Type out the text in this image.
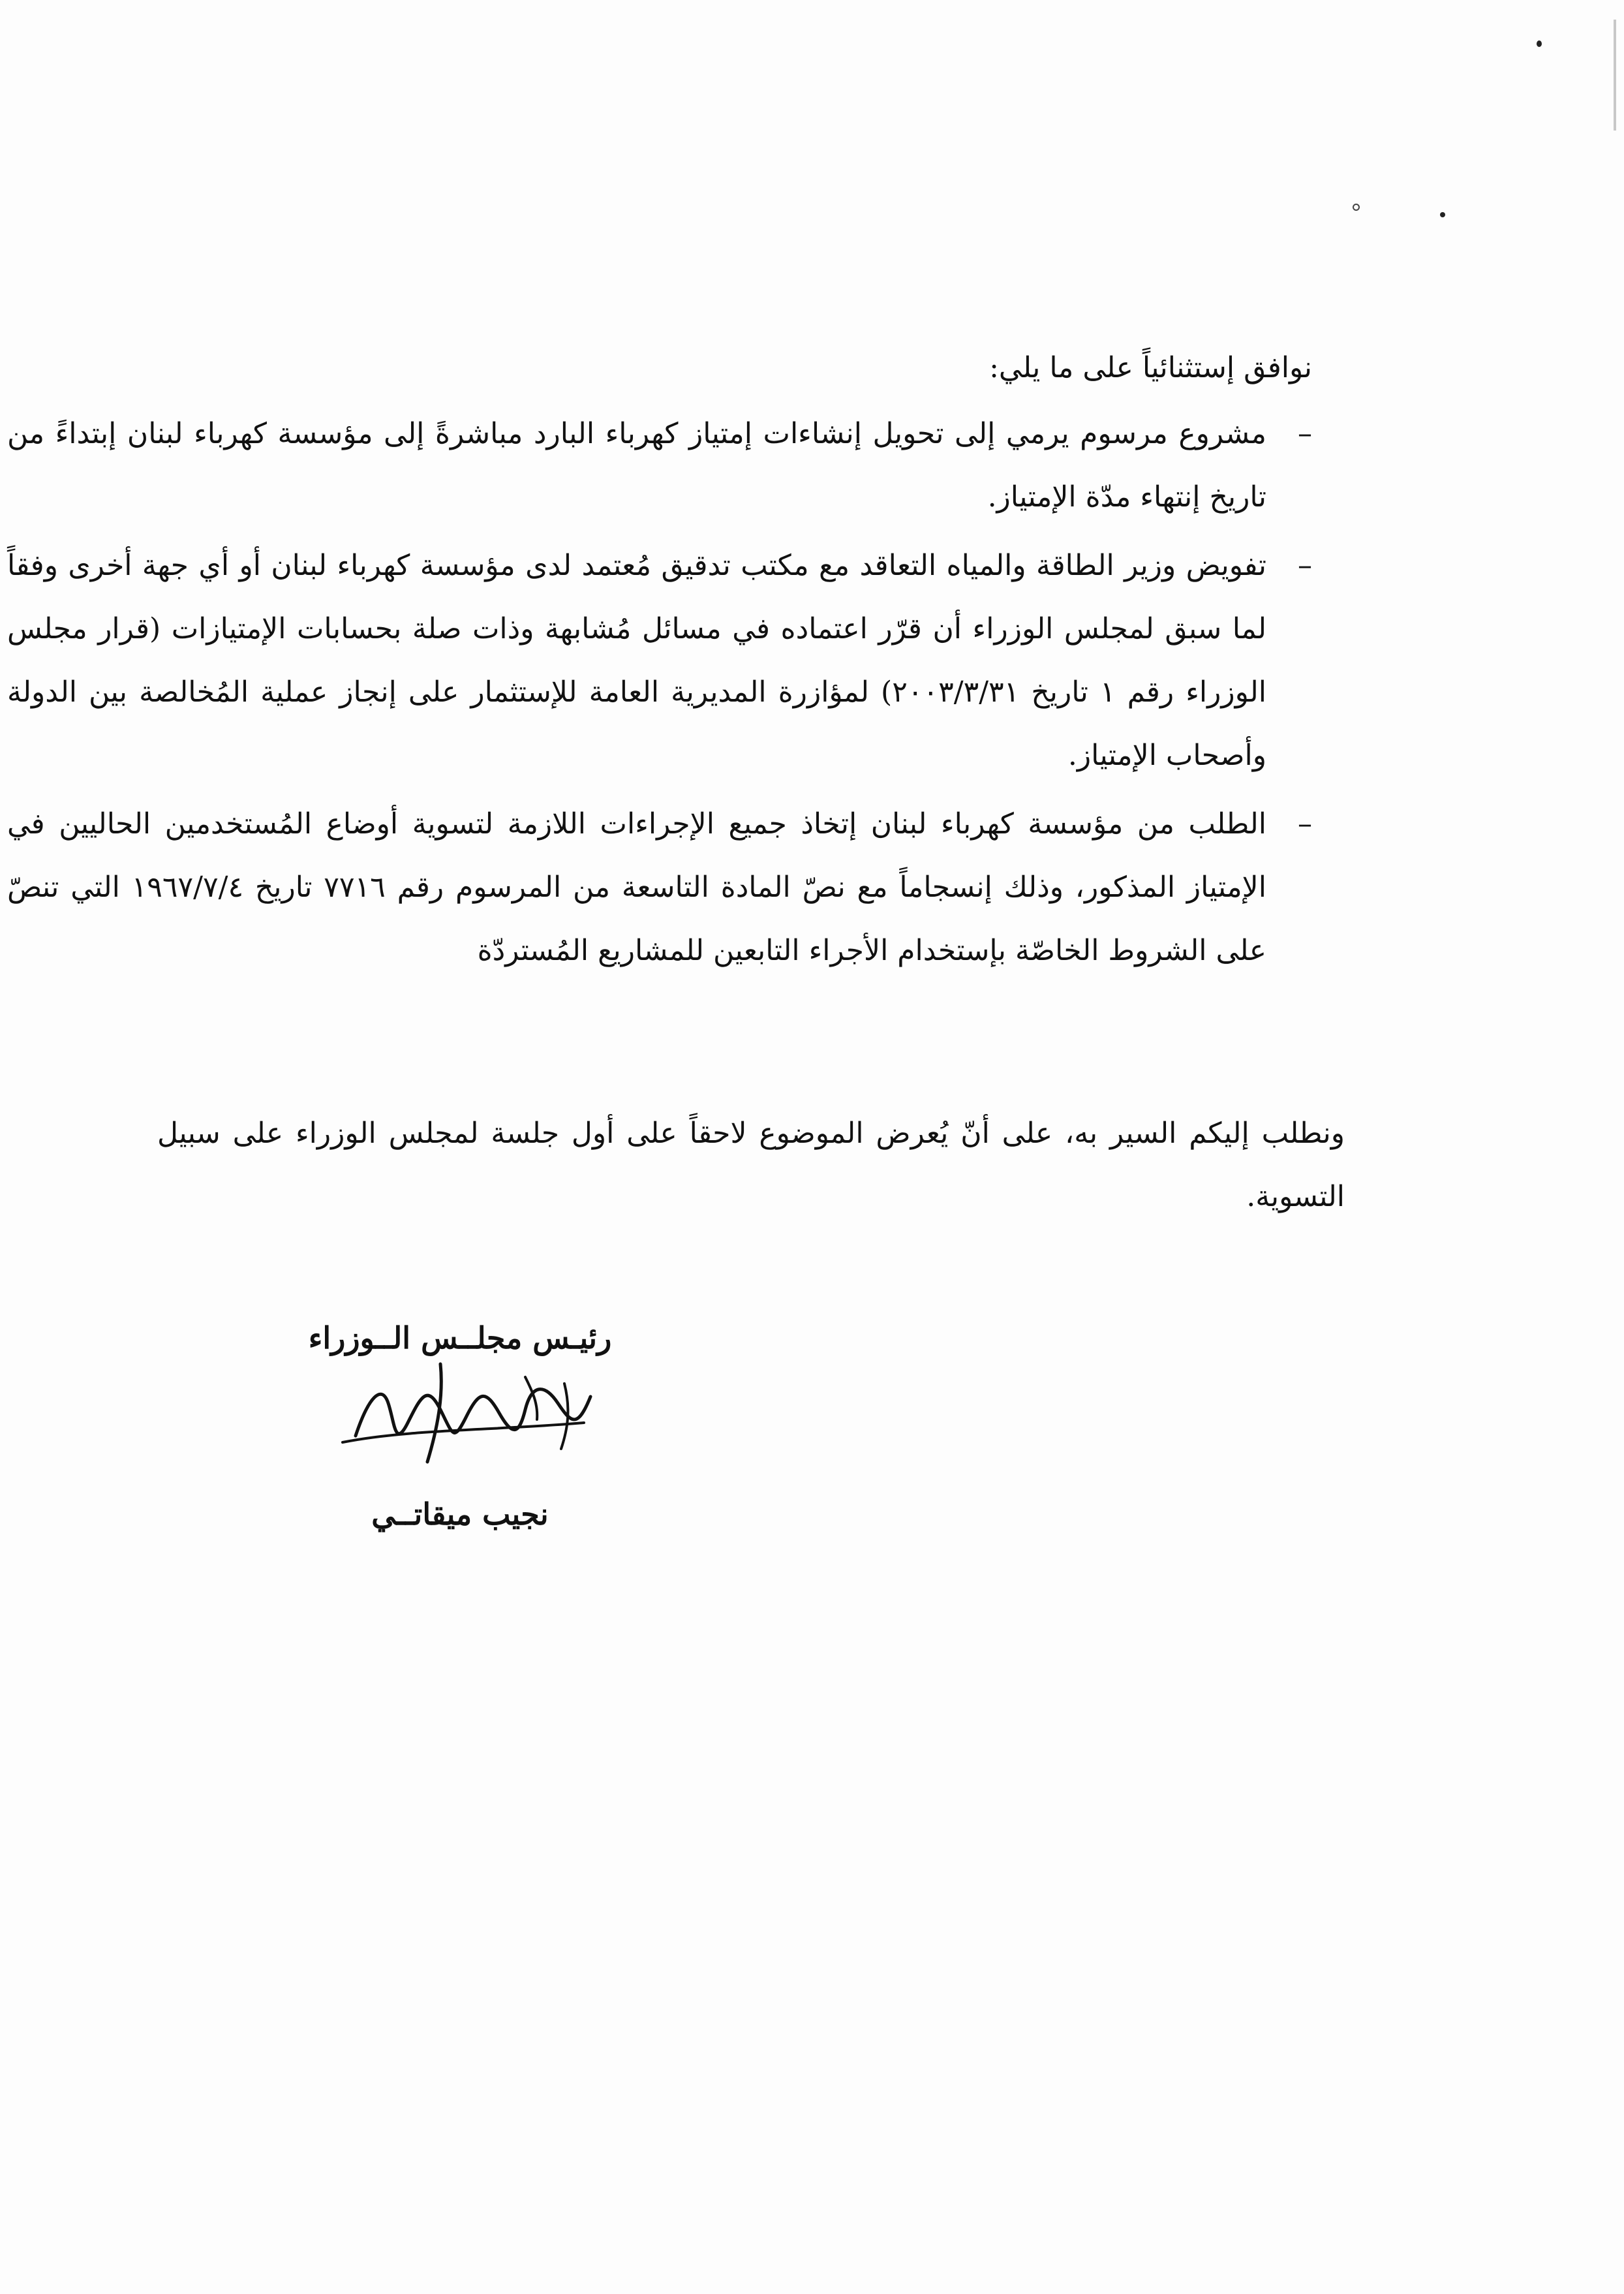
نوافق إستثنائياً على ما يلي:
–
مشروع مرسوم يرمي إلى تحويل إنشاءات إمتياز كهرباء البارد مباشرةً إلى مؤسسة كهرباء لبنان إبتداءً من تاريخ إنتهاء مدّة الإمتياز.
–
تفويض وزير الطاقة والمياه التعاقد مع مكتب تدقيق مُعتمد لدى مؤسسة كهرباء لبنان أو أي جهة أخرى وفقاً لما سبق لمجلس الوزراء أن قرّر اعتماده في مسائل مُشابهة وذات صلة بحسابات الإمتيازات (قرار مجلس الوزراء رقم ١ تاريخ ٢٠٠٣/٣/٣١) لمؤازرة المديرية العامة للإستثمار على إنجاز عملية المُخالصة بين الدولة وأصحاب الإمتياز.
–
الطلب من مؤسسة كهرباء لبنان إتخاذ جميع الإجراءات اللازمة لتسوية أوضاع المُستخدمين الحاليين في الإمتياز المذكور، وذلك إنسجاماً مع نصّ المادة التاسعة من المرسوم رقم ٧٧١٦ تاريخ ١٩٦٧/٧/٤ التي تنصّ على الشروط الخاصّة بإستخدام الأجراء التابعين للمشاريع المُستردّة
ونطلب إليكم السير به، على أنّ يُعرض الموضوع لاحقاً على أول جلسة لمجلس الوزراء على سبيل التسوية.
رئيـس مجلــس الــوزراء
نجيب ميقاتــي
